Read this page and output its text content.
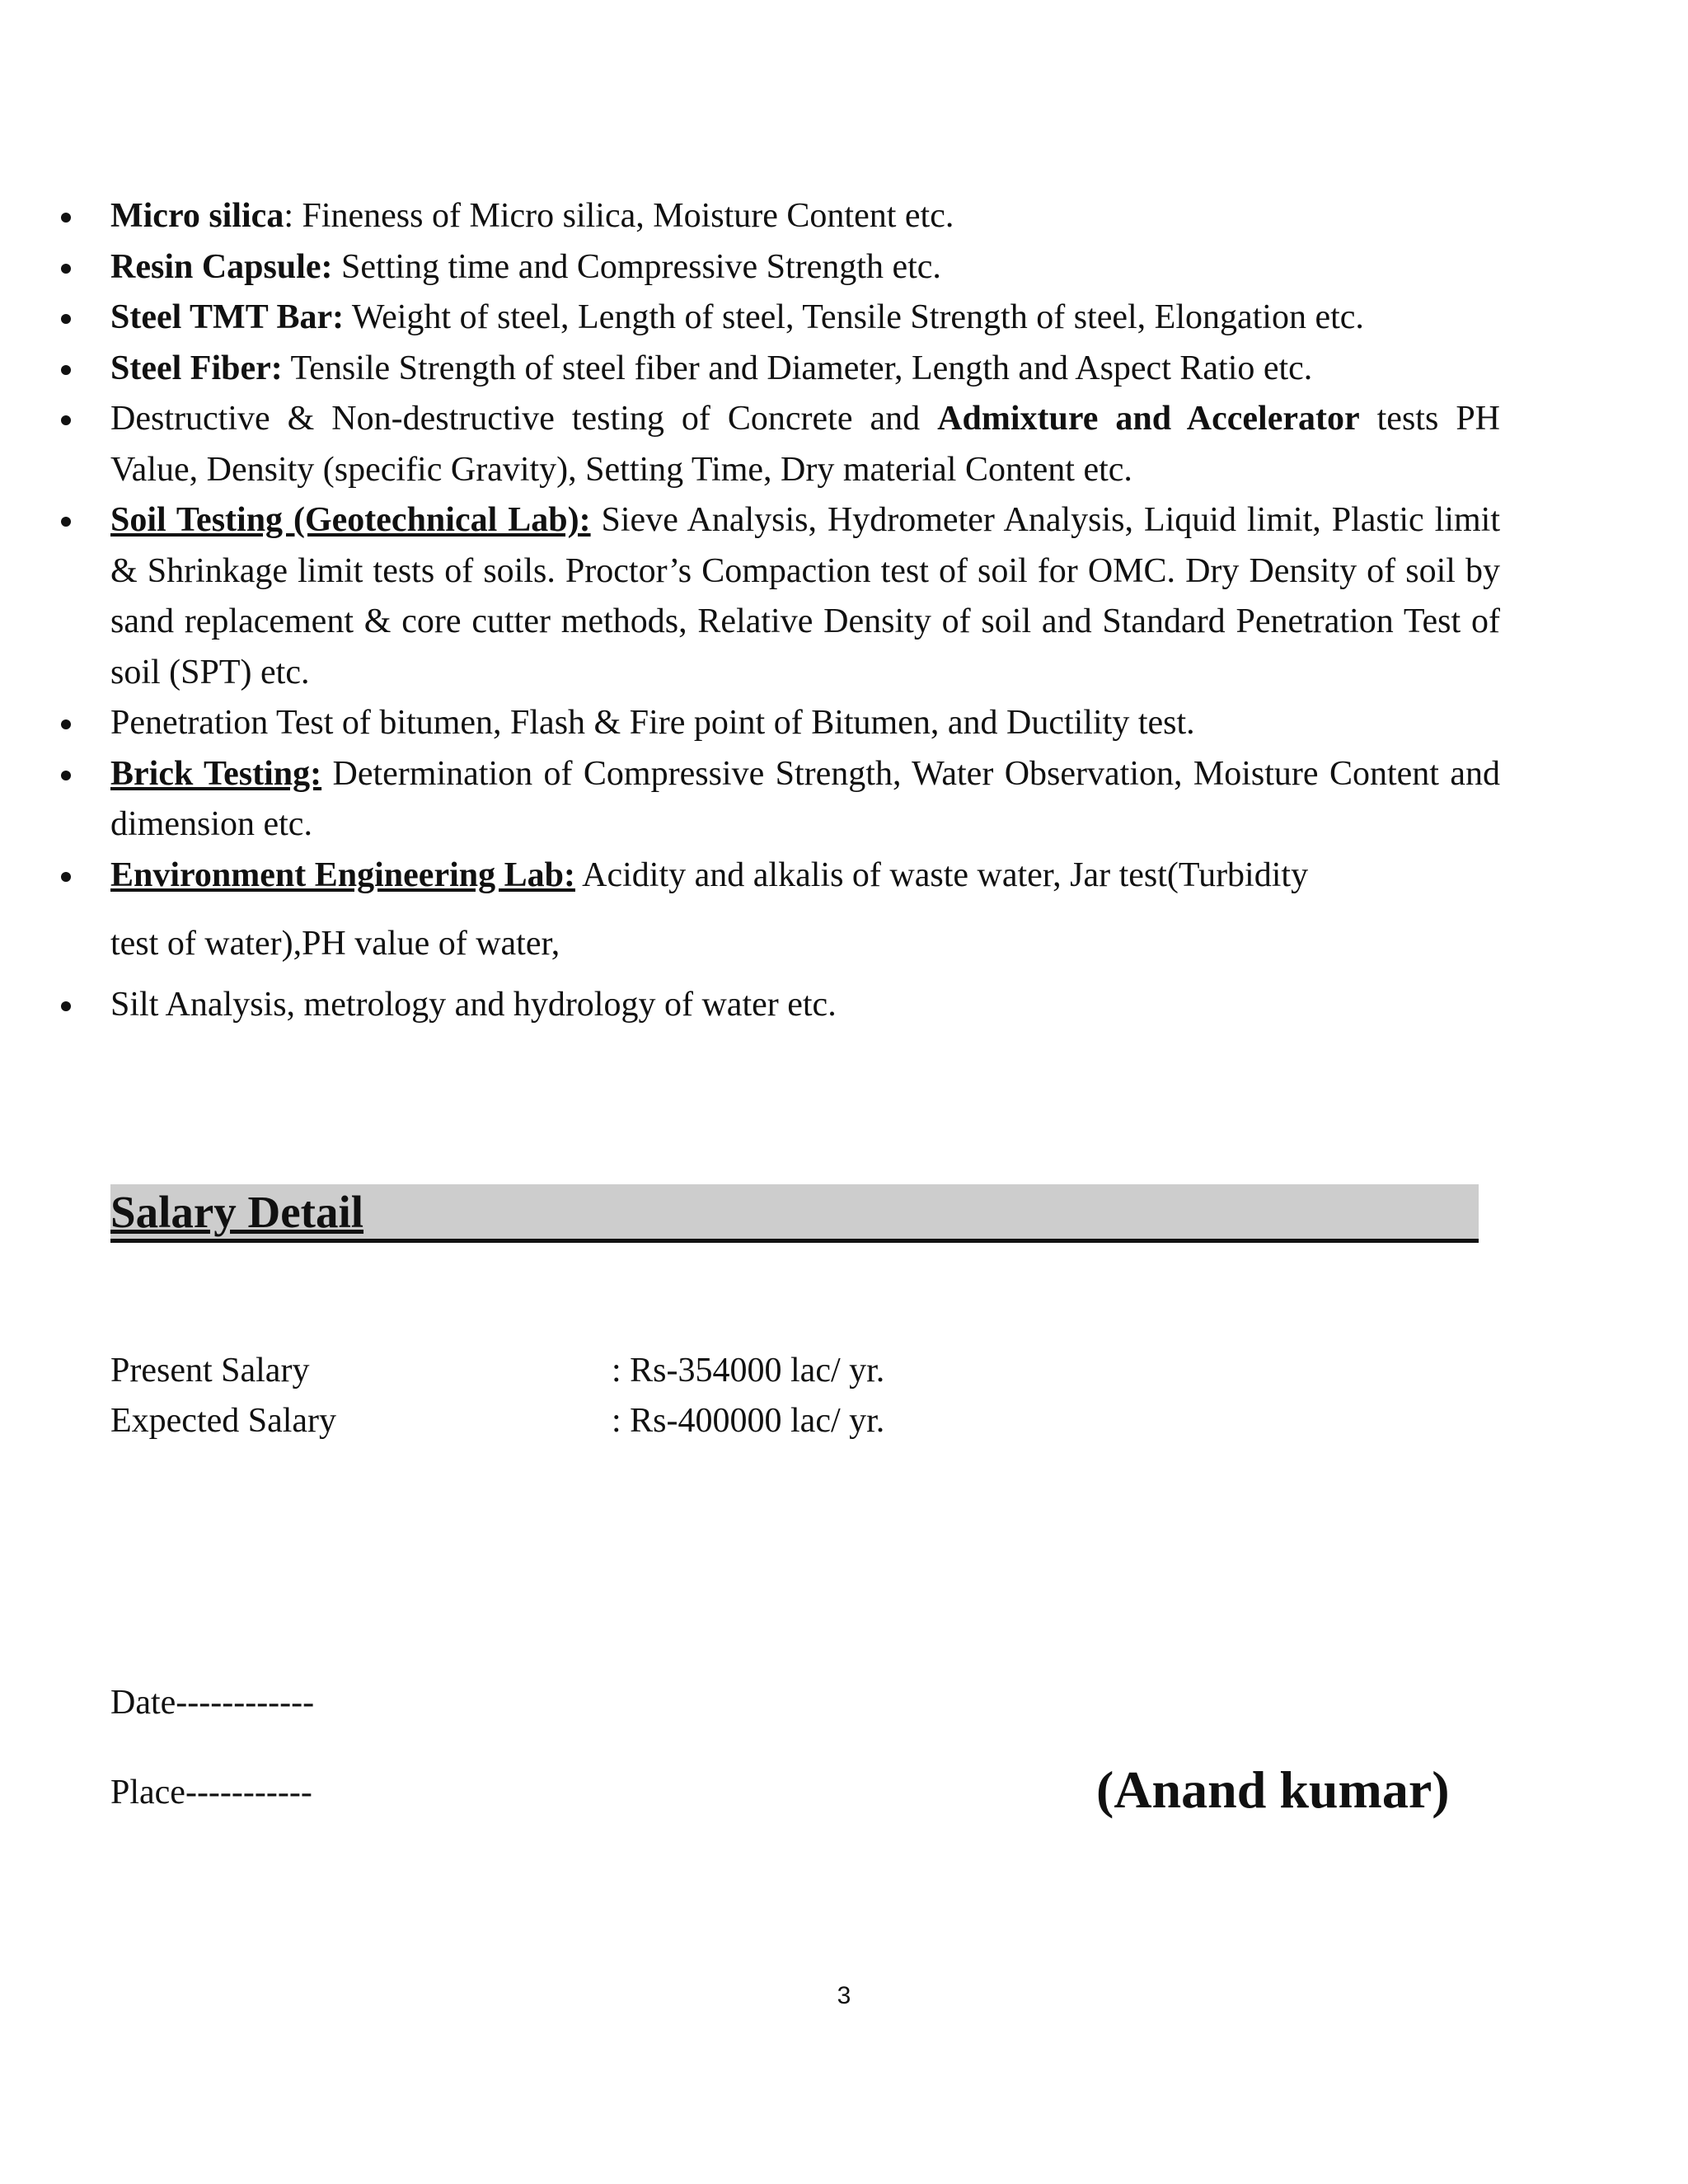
Micro silica: Fineness of Micro silica, Moisture Content etc.
Resin Capsule: Setting time and Compressive Strength etc.
Steel TMT Bar: Weight of steel, Length of steel, Tensile Strength of steel, Elongation etc.
Steel Fiber: Tensile Strength of steel fiber and Diameter, Length and Aspect Ratio etc.
Destructive & Non-destructive testing of Concrete and Admixture and Accelerator tests PH Value, Density (specific Gravity), Setting Time, Dry material Content etc.
Soil Testing (Geotechnical Lab): Sieve Analysis, Hydrometer Analysis, Liquid limit, Plastic limit & Shrinkage limit tests of soils. Proctor’s Compaction test of soil for OMC. Dry Density of soil by sand replacement & core cutter methods, Relative Density of soil and Standard Penetration Test of soil (SPT) etc.
Penetration Test of bitumen, Flash & Fire point of Bitumen, and Ductility test.
Brick Testing: Determination of Compressive Strength, Water Observation, Moisture Content and dimension etc.
Environment Engineering Lab: Acidity and alkalis of waste water, Jar test(Turbidity
test of water),PH value of water,
Silt Analysis, metrology and hydrology of water etc.
Salary Detail
Present Salary	: Rs-354000 lac/ yr.
Expected Salary	: Rs-400000 lac/ yr.
Date------------
Place-----------	(Anand kumar)
3
